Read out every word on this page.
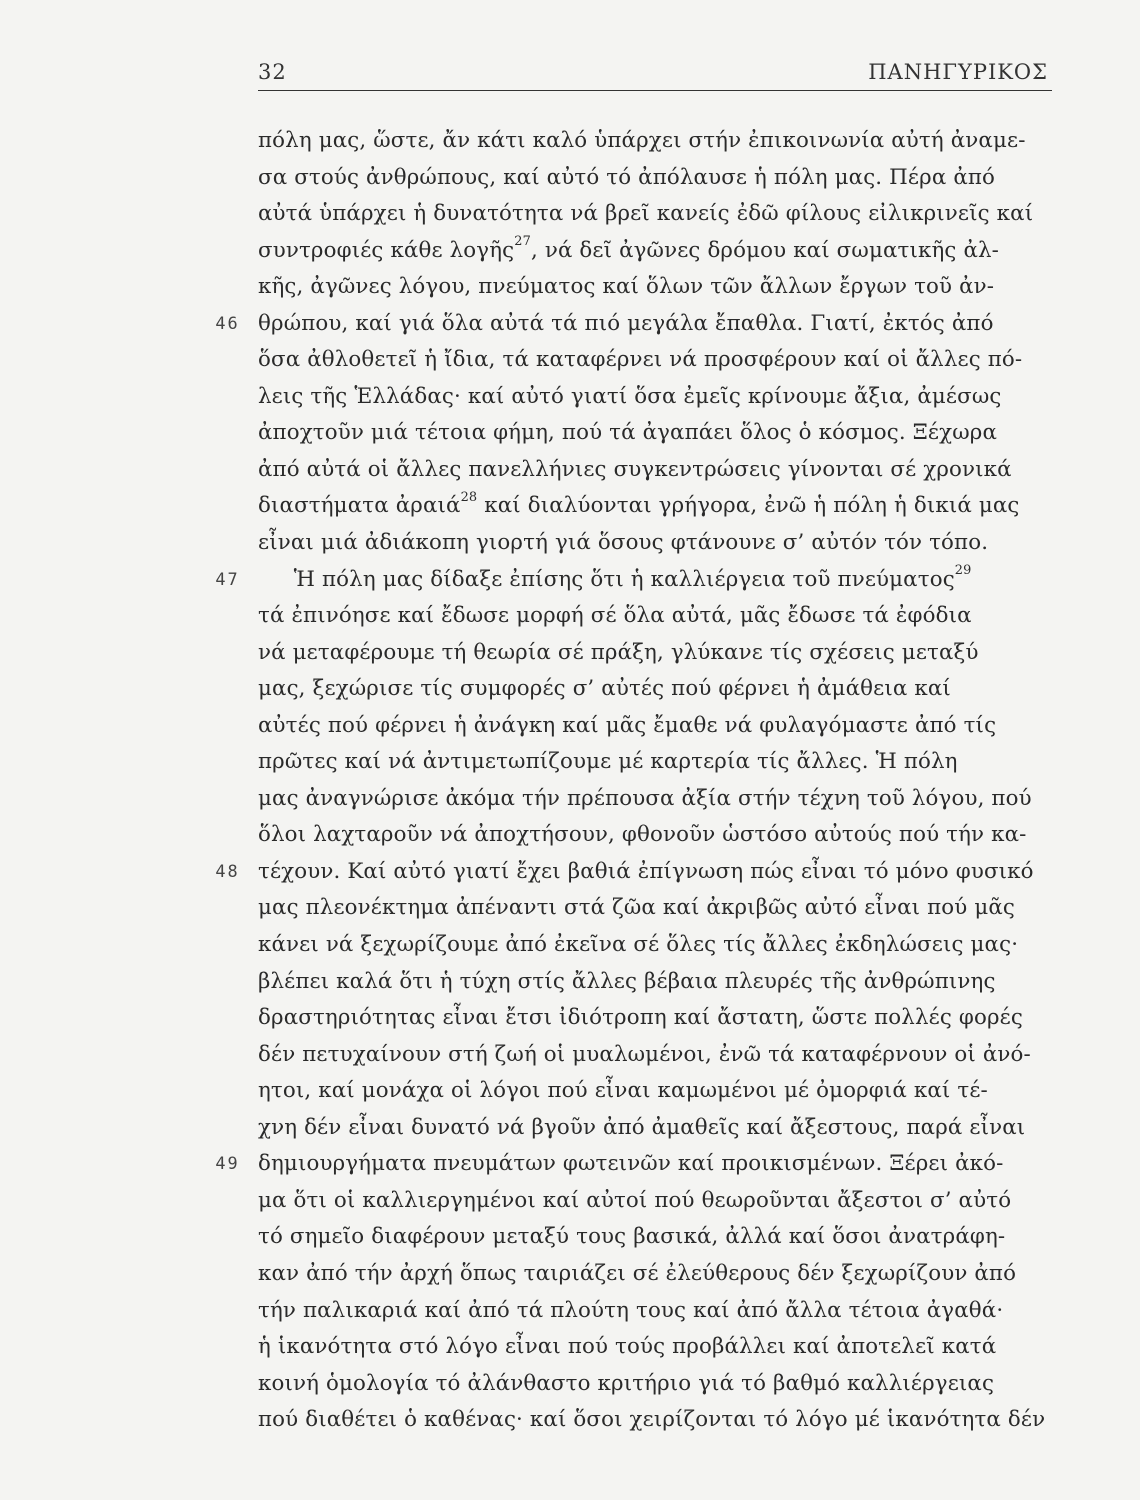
32	ΠΑΝΗΓΥΡΙΚΟΣ
πόλη μας, ὥστε, ἄν κάτι καλό ὑπάρχει στήν ἐπικοινωνία αὐτή ἀναμε-
σα στούς ἀνθρώπους, καί αὐτό τό ἀπόλαυσε ἡ πόλη μας. Πέρα ἀπό
αὐτά ὑπάρχει ἡ δυνατότητα νά βρεῖ κανείς ἐδῶ φίλους εἰλικρινεῖς καί
συντροφιές κάθε λογῆς$^{27}$, νά δεῖ ἀγῶνες δρόμου καί σωματικῆς ἀλ-
κῆς, ἀγῶνες λόγου, πνεύματος καί ὅλων τῶν ἄλλων ἔργων τοῦ ἀν-
46 θρώπου, καί γιά ὅλα αὐτά τά πιό μεγάλα ἔπαθλα. Γιατί, ἐκτός ἀπό
ὅσα ἀθλοθετεῖ ἡ ἴδια, τά καταφέρνει νά προσφέρουν καί οἱ ἄλλες πό-
λεις τῆς Ἑλλάδας· καί αὐτό γιατί ὅσα ἐμεῖς κρίνουμε ἄξια, ἀμέσως
ἀποχτοῦν μιά τέτοια φήμη, πού τά ἀγαπάει ὅλος ὁ κόσμος. Ξέχωρα
ἀπό αὐτά οἱ ἄλλες πανελλήνιες συγκεντρώσεις γίνονται σέ χρονικά
διαστήματα ἀραιά$^{28}$ καί διαλύονται γρήγορα, ἐνῶ ἡ πόλη ἡ δικιά μας
εἶναι μιά ἀδιάκοπη γιορτή γιά ὅσους φτάνουνε σ’ αὐτόν τόν τόπο.
47	Ἡ πόλη μας δίδαξε ἐπίσης ὅτι ἡ καλλιέργεια τοῦ πνεύματος$^{29}$
τά ἐπινόησε καί ἔδωσε μορφή σέ ὅλα αὐτά, μᾶς ἔδωσε τά ἐφόδια
νά μεταφέρουμε τή θεωρία σέ πράξη, γλύκανε τίς σχέσεις μεταξύ
μας, ξεχώρισε τίς συμφορές σ’ αὐτές πού φέρνει ἡ ἀμάθεια καί
αὐτές πού φέρνει ἡ ἀνάγκη καί μᾶς ἔμαθε νά φυλαγόμαστε ἀπό τίς
πρῶτες καί νά ἀντιμετωπίζουμε μέ καρτερία τίς ἄλλες. Ἡ πόλη
μας ἀναγνώρισε ἀκόμα τήν πρέπουσα ἀξία στήν τέχνη τοῦ λόγου, πού
ὅλοι λαχταροῦν νά ἀποχτήσουν, φθονοῦν ὡστόσο αὐτούς πού τήν κα-
48 τέχουν. Καί αὐτό γιατί ἔχει βαθιά ἐπίγνωση πώς εἶναι τό μόνο φυσικό
μας πλεονέκτημα ἀπέναντι στά ζῶα καί ἀκριβῶς αὐτό εἶναι πού μᾶς
κάνει νά ξεχωρίζουμε ἀπό ἐκεῖνα σέ ὅλες τίς ἄλλες ἐκδηλώσεις μας·
βλέπει καλά ὅτι ἡ τύχη στίς ἄλλες βέβαια πλευρές τῆς ἀνθρώπινης
δραστηριότητας εἶναι ἔτσι ἰδιότροπη καί ἄστατη, ὥστε πολλές φορές
δέν πετυχαίνουν στή ζωή οἱ μυαλωμένοι, ἐνῶ τά καταφέρνουν οἱ ἀνό-
ητοι, καί μονάχα οἱ λόγοι πού εἶναι καμωμένοι μέ ὀμορφιά καί τέ-
χνη δέν εἶναι δυνατό νά βγοῦν ἀπό ἀμαθεῖς καί ἄξεστους, παρά εἶναι
49 δημιουργήματα πνευμάτων φωτεινῶν καί προικισμένων. Ξέρει ἀκό-
μα ὅτι οἱ καλλιεργημένοι καί αὐτοί πού θεωροῦνται ἄξεστοι σ’ αὐτό
τό σημεῖο διαφέρουν μεταξύ τους βασικά, ἀλλά καί ὅσοι ἀνατράφη-
καν ἀπό τήν ἀρχή ὅπως ταιριάζει σέ ἐλεύθερους δέν ξεχωρίζουν ἀπό
τήν παλικαριά καί ἀπό τά πλούτη τους καί ἀπό ἄλλα τέτοια ἀγαθά·
ἡ ἱκανότητα στό λόγο εἶναι πού τούς προβάλλει καί ἀποτελεῖ κατά
κοινή ὁμολογία τό ἀλάνθαστο κριτήριο γιά τό βαθμό καλλιέργειας
πού διαθέτει ὁ καθένας· καί ὅσοι χειρίζονται τό λόγο μέ ἱκανότητα δέν
